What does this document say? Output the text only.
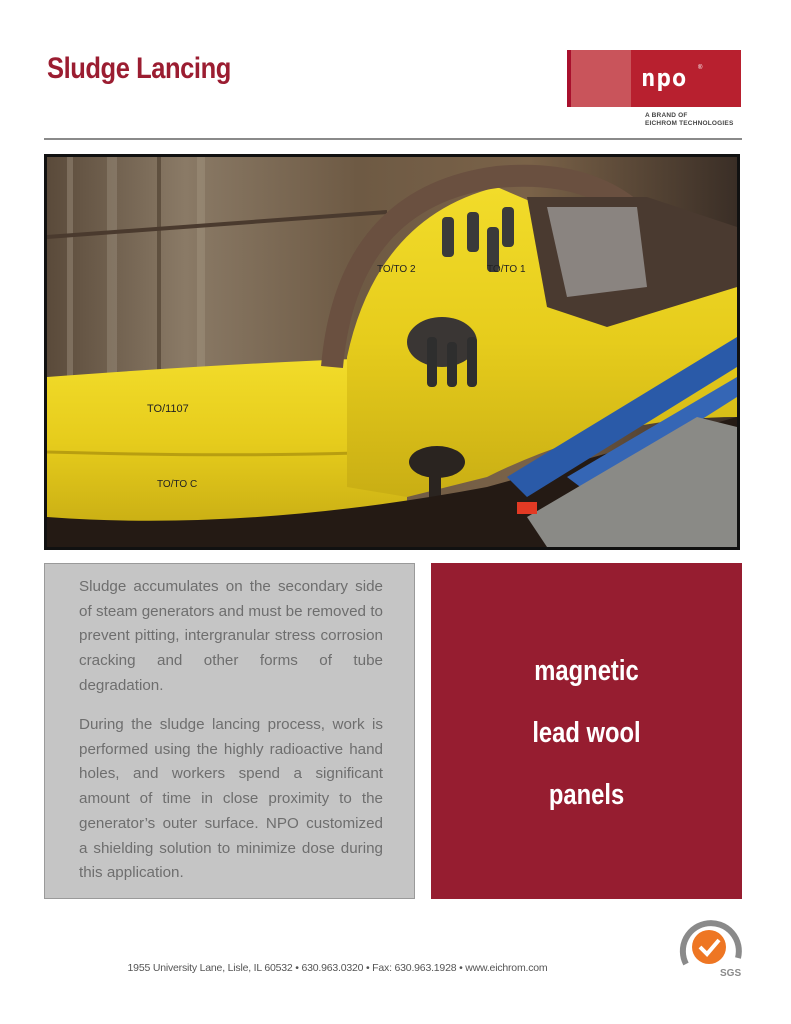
Sludge Lancing	npo ®
A BRAND OF
EICHROM TECHNOLOGIES
TO/1107
TO/TO C
TO/TO 2	TO/TO 1

Sludge accumulates on the secondary side of steam generators and must be removed to prevent pitting, intergranular stress corrosion cracking and other forms of tube degradation.

During the sludge lancing process, work is performed using the highly radioactive hand holes, and workers spend a significant amount of time in close proximity to the generator’s outer surface. NPO customized a shielding solution to minimize dose during this application.

magnetic
lead wool
panels
1955 University Lane, Lisle, IL 60532 • 630.963.0320 • Fax: 630.963.1928 • www.eichrom.com	SGS
